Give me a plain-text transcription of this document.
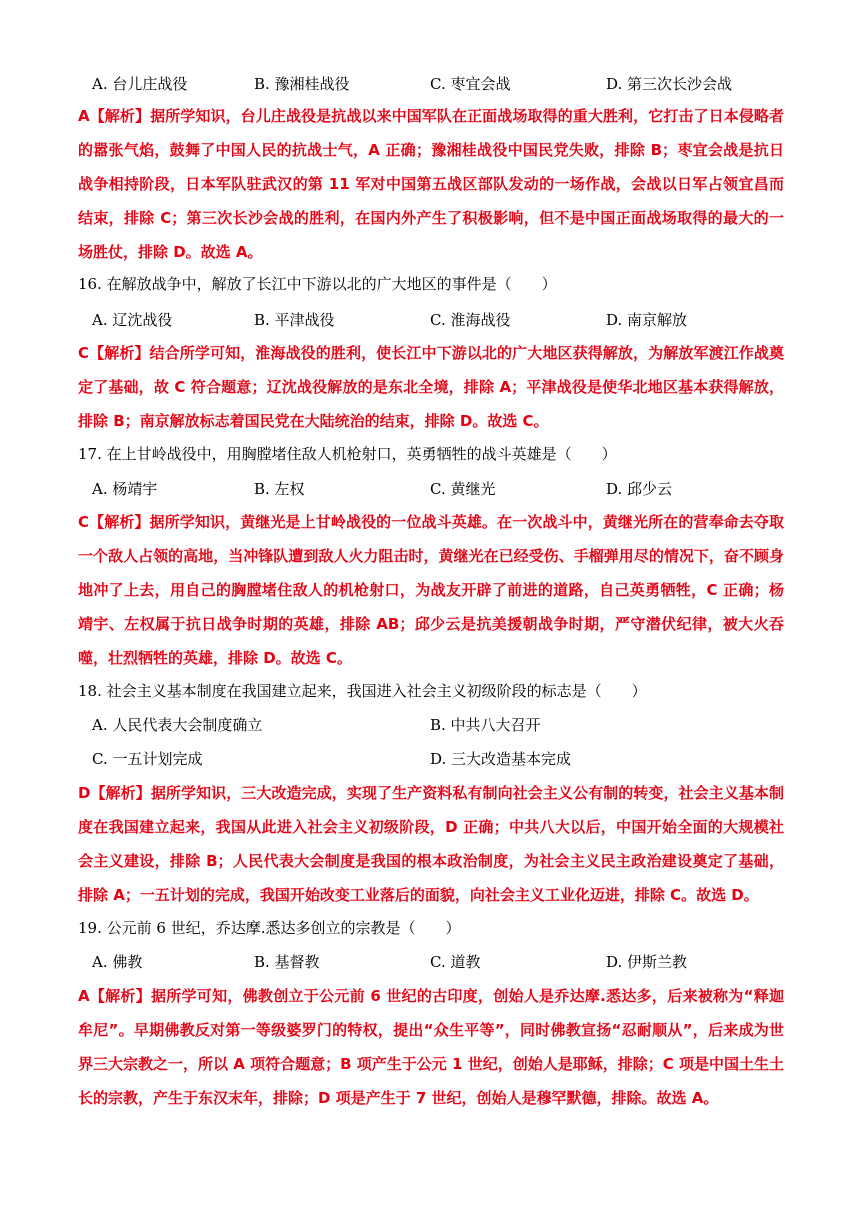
A. 台儿庄战役	B. 豫湘桂战役	C. 枣宜会战	D. 第三次长沙会战
A【解析】据所学知识，台儿庄战役是抗战以来中国军队在正面战场取得的重大胜利，它打击了日本侵略者的嚣张气焰，鼓舞了中国人民的抗战士气，A 正确；豫湘桂战役中国民党失败，排除 B；枣宜会战是抗日战争相持阶段，日本军队驻武汉的第 11 军对中国第五战区部队发动的一场作战，会战以日军占领宜昌而结束，排除 C；第三次长沙会战的胜利，在国内外产生了积极影响，但不是中国正面战场取得的最大的一场胜仗，排除 D。故选 A。
16. 在解放战争中，解放了长江中下游以北的广大地区的事件是（　　）
A. 辽沈战役	B. 平津战役	C. 淮海战役	D. 南京解放
C【解析】结合所学可知，淮海战役的胜利，使长江中下游以北的广大地区获得解放，为解放军渡江作战奠定了基础，故 C 符合题意；辽沈战役解放的是东北全境，排除 A；平津战役是使华北地区基本获得解放，排除 B；南京解放标志着国民党在大陆统治的结束，排除 D。故选 C。
17. 在上甘岭战役中，用胸膛堵住敌人机枪射口，英勇牺牲的战斗英雄是（　　）
A. 杨靖宇	B. 左权	C. 黄继光	D. 邱少云
C【解析】据所学知识，黄继光是上甘岭战役的一位战斗英雄。在一次战斗中，黄继光所在的营奉命去夺取一个敌人占领的高地，当冲锋队遭到敌人火力阻击时，黄继光在已经受伤、手榴弹用尽的情况下，奋不顾身地冲了上去，用自己的胸膛堵住敌人的机枪射口，为战友开辟了前进的道路，自己英勇牺牲，C 正确；杨靖宇、左权属于抗日战争时期的英雄，排除 AB；邱少云是抗美援朝战争时期，严守潜伏纪律，被大火吞噬，壮烈牺牲的英雄，排除 D。故选 C。
18. 社会主义基本制度在我国建立起来，我国进入社会主义初级阶段的标志是（　　）
A. 人民代表大会制度确立	B. 中共八大召开
C. 一五计划完成	D. 三大改造基本完成
D【解析】据所学知识，三大改造完成，实现了生产资料私有制向社会主义公有制的转变，社会主义基本制度在我国建立起来，我国从此进入社会主义初级阶段，D 正确；中共八大以后，中国开始全面的大规模社会主义建设，排除 B；人民代表大会制度是我国的根本政治制度，为社会主义民主政治建设奠定了基础，排除 A；一五计划的完成，我国开始改变工业落后的面貌，向社会主义工业化迈进，排除 C。故选 D。
19. 公元前 6 世纪，乔达摩.悉达多创立的宗教是（　　）
A. 佛教	B. 基督教	C. 道教	D. 伊斯兰教
A【解析】据所学可知，佛教创立于公元前 6 世纪的古印度，创始人是乔达摩.悉达多，后来被称为“释迦牟尼”。早期佛教反对第一等级婆罗门的特权，提出“众生平等”，同时佛教宣扬“忍耐顺从”，后来成为世界三大宗教之一，所以 A 项符合题意；B 项产生于公元 1 世纪，创始人是耶稣，排除；C 项是中国土生土长的宗教，产生于东汉末年，排除；D 项是产生于 7 世纪，创始人是穆罕默德，排除。故选 A。
